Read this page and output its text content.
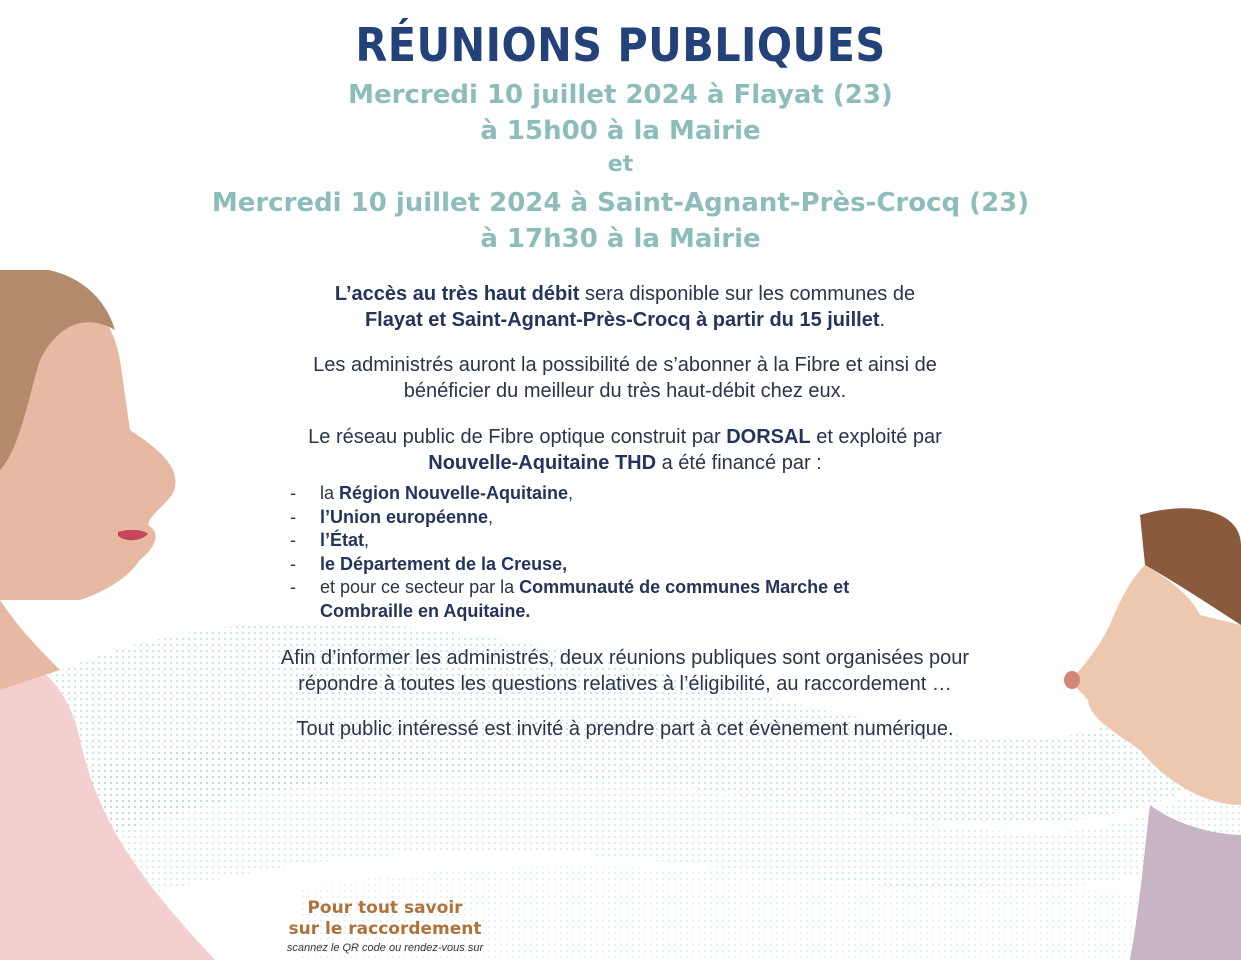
RÉUNIONS PUBLIQUES
Mercredi 10 juillet 2024 à Flayat (23)
à 15h00 à la Mairie
et
Mercredi 10 juillet 2024 à Saint-Agnant-Près-Crocq (23)
à 17h30 à la Mairie
L’accès au très haut débit sera disponible sur les communes de
Flayat et Saint-Agnant-Près-Crocq à partir du 15 juillet.
Les administrés auront la possibilité de s’abonner à la Fibre et ainsi de
bénéficier du meilleur du très haut-débit chez eux.
Le réseau public de Fibre optique construit par DORSAL et exploité par
Nouvelle-Aquitaine THD a été financé par :
- la Région Nouvelle-Aquitaine,
- l’Union européenne,
- l’État,
- le Département de la Creuse,
- et pour ce secteur par la Communauté de communes Marche et
Combraille en Aquitaine.
Afin d’informer les administrés, deux réunions publiques sont organisées pour
répondre à toutes les questions relatives à l’éligibilité, au raccordement …
Tout public intéressé est invité à prendre part à cet évènement numérique.
Pour tout savoir
sur le raccordement
scannez le QR code ou rendez-vous sur
